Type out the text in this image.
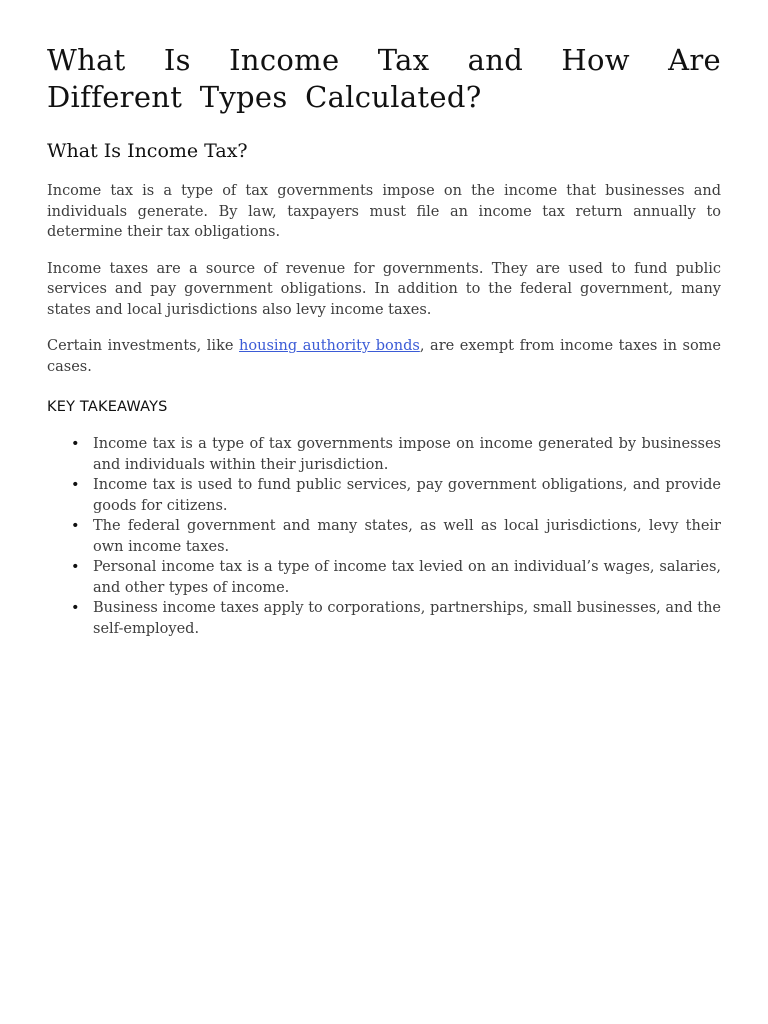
What Is Income Tax and How Are Different Types Calculated?
What Is Income Tax?

Income tax is a type of tax governments impose on the income that businesses and individuals generate. By law, taxpayers must file an income tax return annually to determine their tax obligations.

Income taxes are a source of revenue for governments. They are used to fund public services and pay government obligations. In addition to the federal government, many states and local jurisdictions also levy income taxes.

Certain investments, like housing authority bonds, are exempt from income taxes in some cases.

KEY TAKEAWAYS
• Income tax is a type of tax governments impose on income generated by businesses and individuals within their jurisdiction.
• Income tax is used to fund public services, pay government obligations, and provide goods for citizens.
• The federal government and many states, as well as local jurisdictions, levy their own income taxes.
• Personal income tax is a type of income tax levied on an individual’s wages, salaries, and other types of income.
• Business income taxes apply to corporations, partnerships, small businesses, and the self-employed.
